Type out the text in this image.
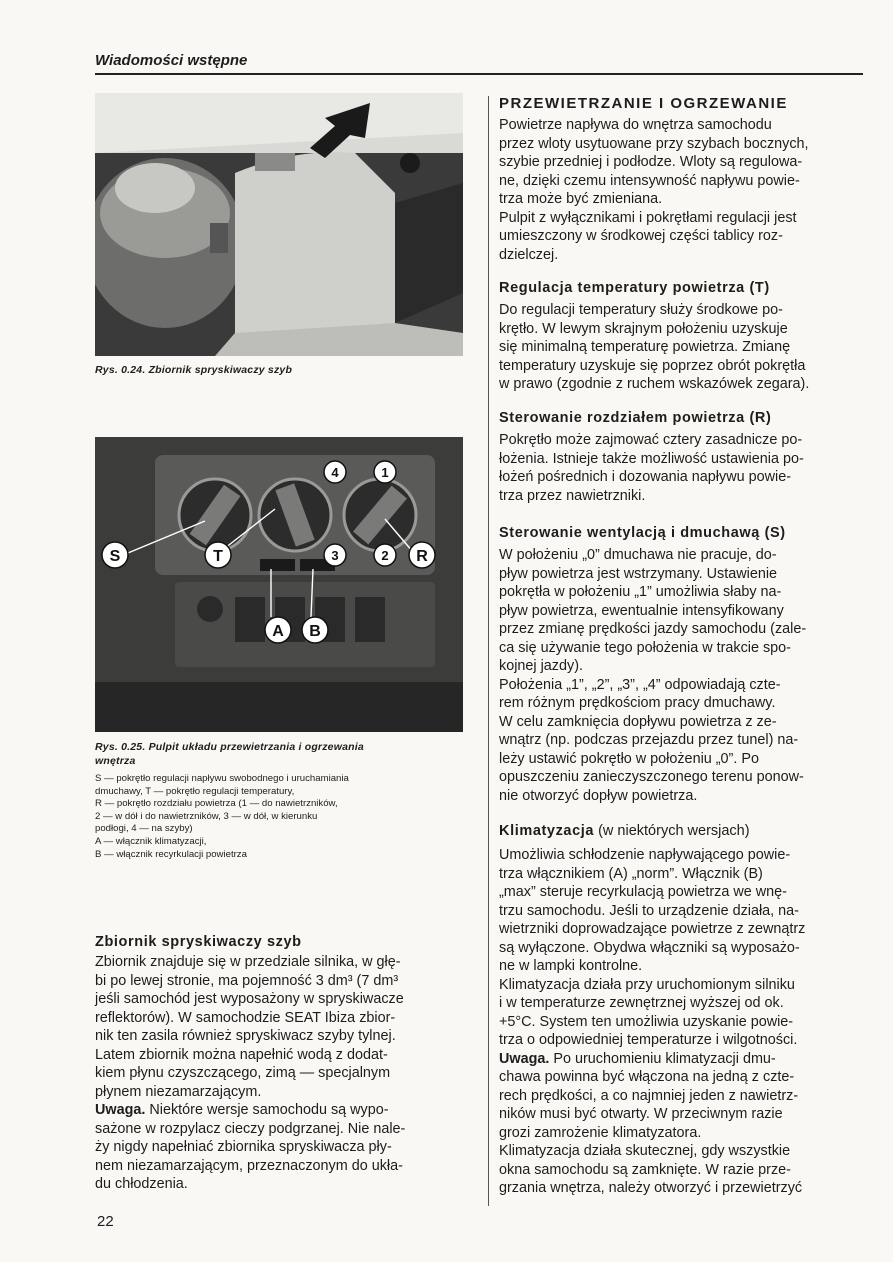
Wiadomości wstępne
Rys. 0.24. Zbiornik spryskiwaczy szyb
S	T	R
A B
4	1
3	2
Rys. 0.25. Pulpit układu przewietrzania i ogrzewania
wnętrza

S — pokrętło regulacji napływu swobodnego i uruchamiania

dmuchawy, T — pokrętło regulacji temperatury,

R — pokrętło rozdziału powietrza (1 — do nawietrzników,

2 — w dół i do nawietrzników, 3 — w dół, w kierunku

podłogi, 4 — na szyby)

A — włącznik klimatyzacji,

B — włącznik recyrkulacji powietrza

Zbiornik spryskiwaczy szyb

Zbiornik znajduje się w przedziale silnika, w głę-

bi po lewej stronie, ma pojemność 3 dm³ (7 dm³

jeśli samochód jest wyposażony w spryskiwacze

reflektorów). W samochodzie SEAT Ibiza zbior-

nik ten zasila również spryskiwacz szyby tylnej.

Latem zbiornik można napełnić wodą z dodat-

kiem płynu czyszczącego, zimą — specjalnym

płynem niezamarzającym.

Uwaga. Niektóre wersje samochodu są wypo-

sażone w rozpylacz cieczy podgrzanej. Nie nale-

ży nigdy napełniać zbiornika spryskiwacza pły-

nem niezamarzającym, przeznaczonym do ukła-

du chłodzenia.

PRZEWIETRZANIE I OGRZEWANIE

Powietrze napływa do wnętrza samochodu

przez wloty usytuowane przy szybach bocznych,

szybie przedniej i podłodze. Wloty są regulowa-

ne, dzięki czemu intensywność napływu powie-

trza może być zmieniana.

Pulpit z wyłącznikami i pokrętłami regulacji jest

umieszczony w środkowej części tablicy roz-

dzielczej.

Regulacja temperatury powietrza (T)

Do regulacji temperatury służy środkowe po-

krętło. W lewym skrajnym położeniu uzyskuje

się minimalną temperaturę powietrza. Zmianę

temperatury uzyskuje się poprzez obrót pokrętła

w prawo (zgodnie z ruchem wskazówek zegara).

Sterowanie rozdziałem powietrza (R)

Pokrętło może zajmować cztery zasadnicze po-

łożenia. Istnieje także możliwość ustawienia po-

łożeń pośrednich i dozowania napływu powie-

trza przez nawietrzniki.

Sterowanie wentylacją i dmuchawą (S)

W położeniu „0” dmuchawa nie pracuje, do-

pływ powietrza jest wstrzymany. Ustawienie

pokrętła w położeniu „1” umożliwia słaby na-

pływ powietrza, ewentualnie intensyfikowany

przez zmianę prędkości jazdy samochodu (zale-

ca się używanie tego położenia w trakcie spo-

kojnej jazdy).

Położenia „1”, „2”, „3”, „4” odpowiadają czte-

rem różnym prędkościom pracy dmuchawy.

W celu zamknięcia dopływu powietrza z ze-

wnątrz (np. podczas przejazdu przez tunel) na-

leży ustawić pokrętło w położeniu „0”. Po

opuszczeniu zanieczyszczonego terenu ponow-

nie otworzyć dopływ powietrza.

Klimatyzacja (w niektórych wersjach)

Umożliwia schłodzenie napływającego powie-

trza włącznikiem (A) „norm”. Włącznik (B)

„max” steruje recyrkulacją powietrza we wnę-

trzu samochodu. Jeśli to urządzenie działa, na-

wietrzniki doprowadzające powietrze z zewnątrz

są wyłączone. Obydwa włączniki są wyposażo-

ne w lampki kontrolne.

Klimatyzacja działa przy uruchomionym silniku

i w temperaturze zewnętrznej wyższej od ok.

+5°C. System ten umożliwia uzyskanie powie-

trza o odpowiedniej temperaturze i wilgotności.

Uwaga. Po uruchomieniu klimatyzacji dmu-

chawa powinna być włączona na jedną z czte-

rech prędkości, a co najmniej jeden z nawietrz-

ników musi być otwarty. W przeciwnym razie

grozi zamrożenie klimatyzatora.

Klimatyzacja działa skutecznej, gdy wszystkie

okna samochodu są zamknięte. W razie prze-

grzania wnętrza, należy otworzyć i przewietrzyć

22
